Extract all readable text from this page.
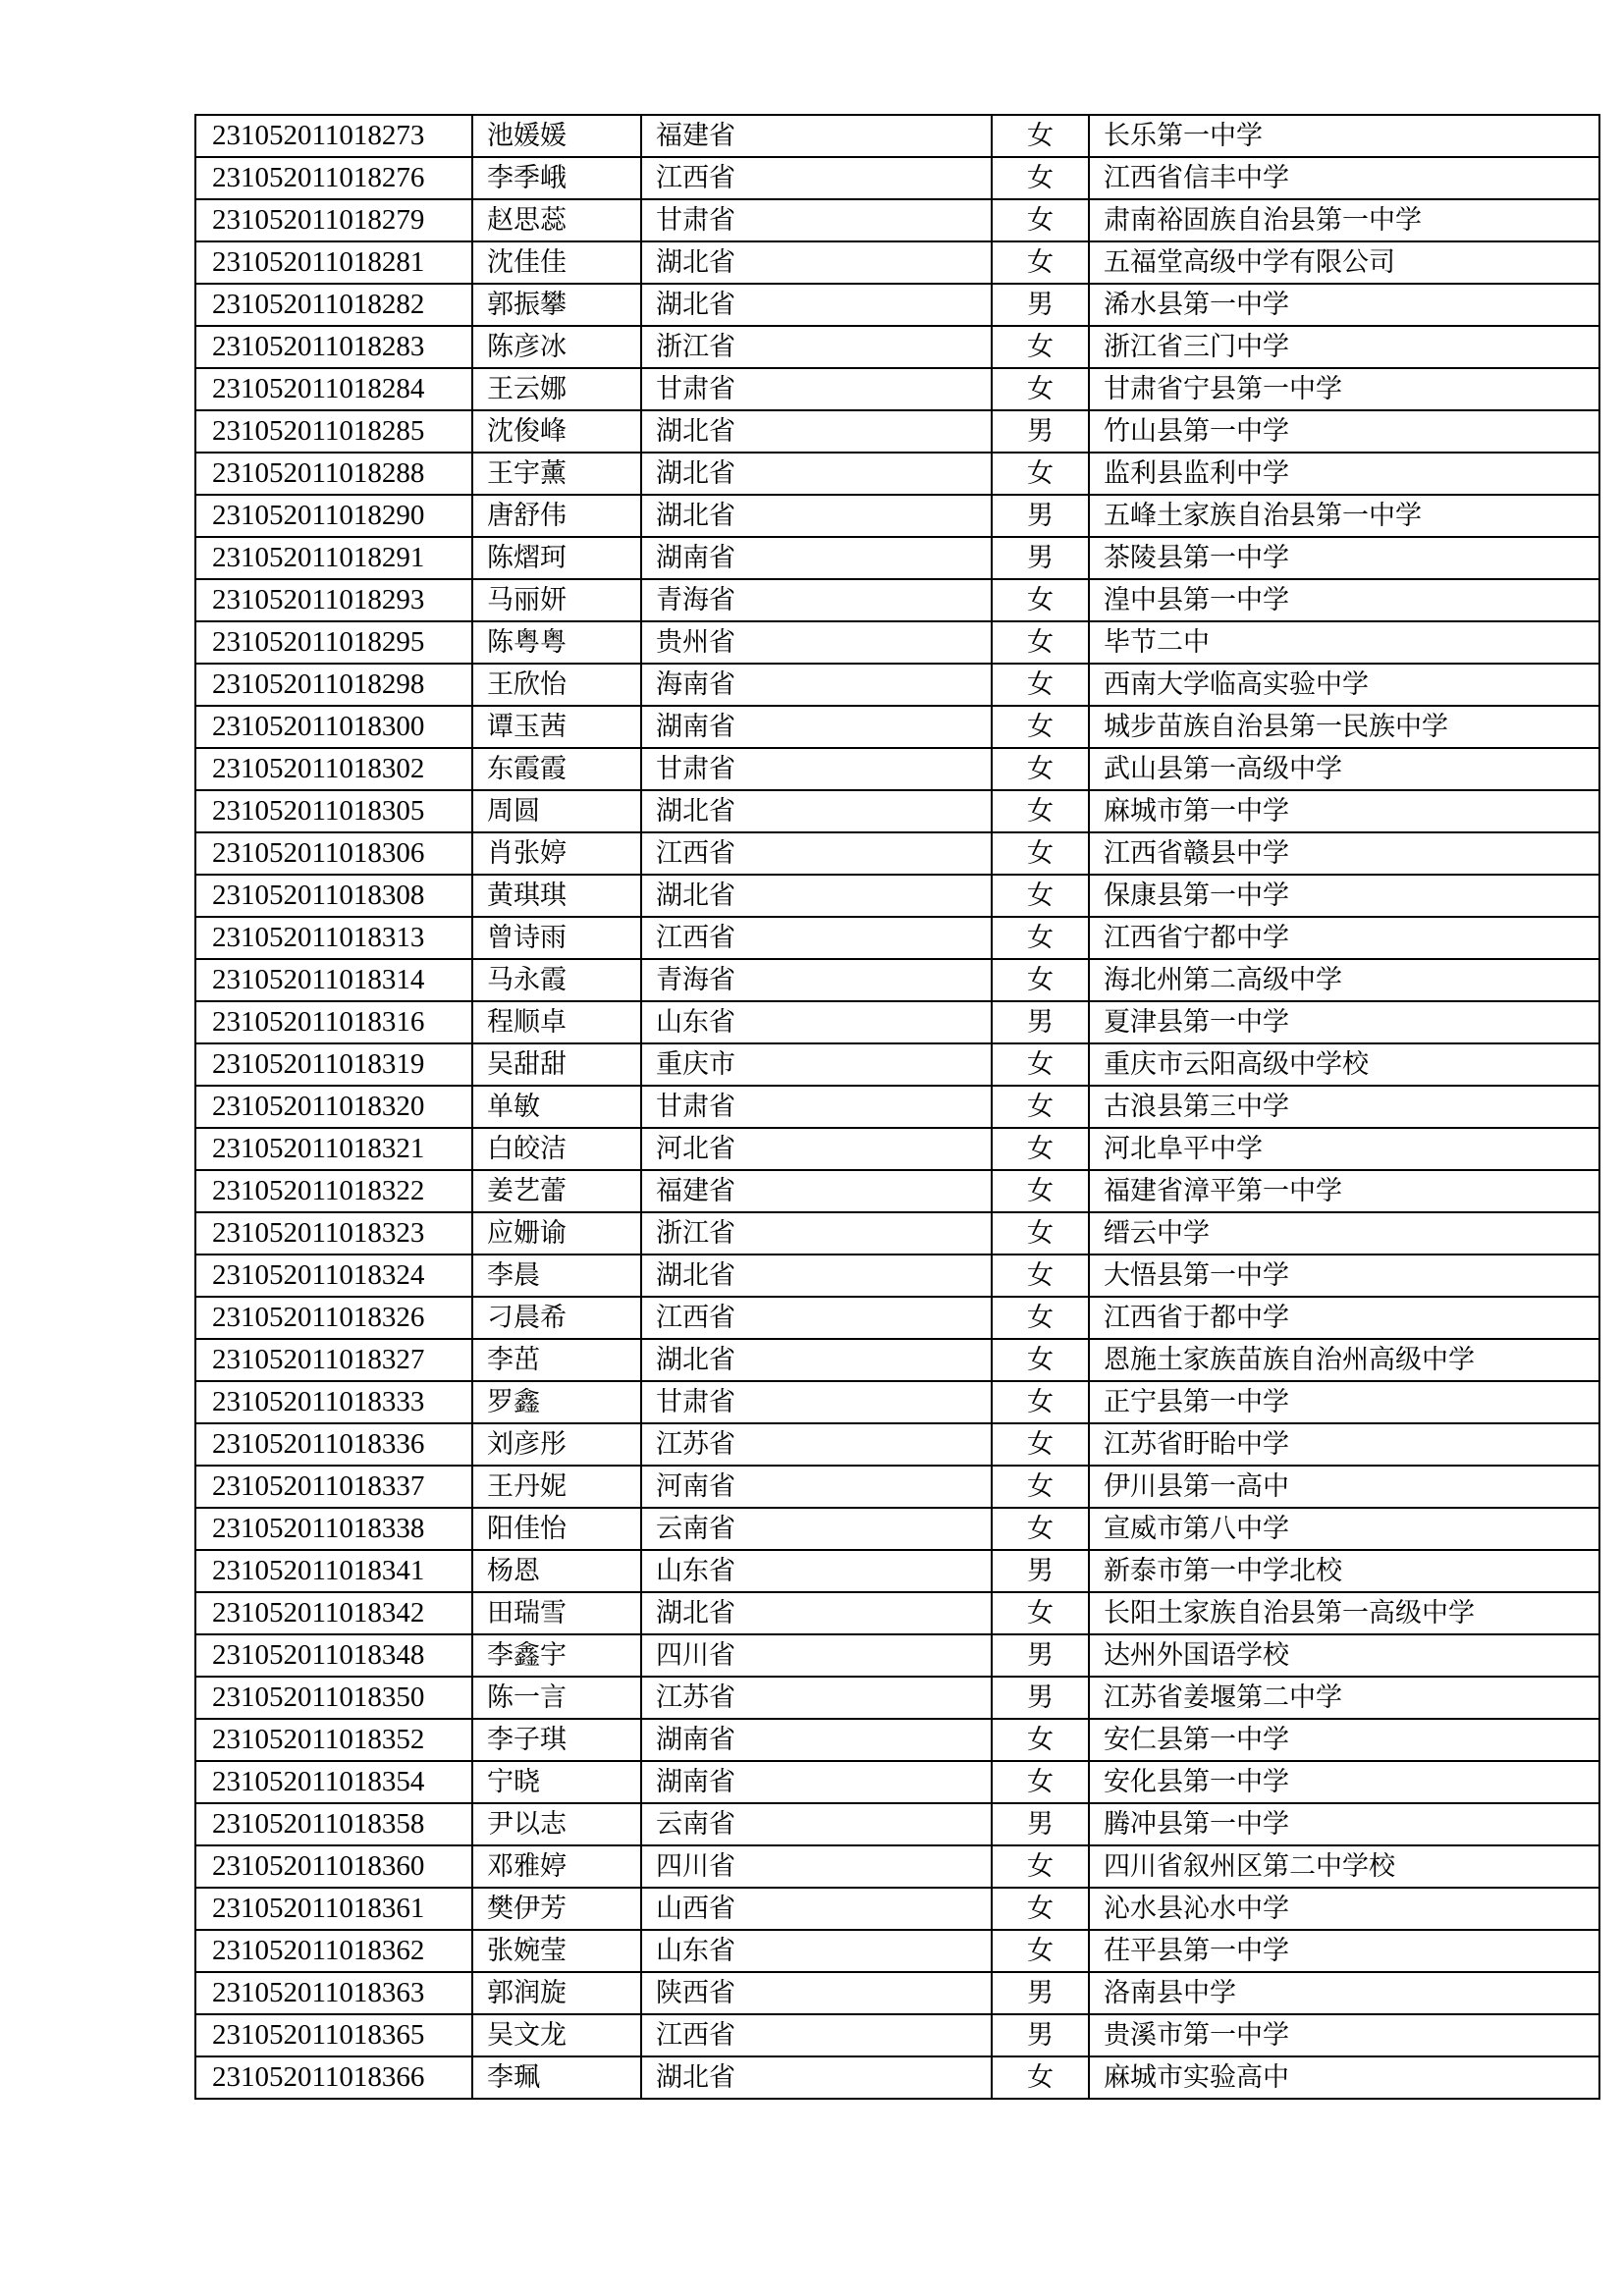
231052011018273	池媛媛	福建省	女	长乐第一中学
231052011018276	李季峨	江西省	女	江西省信丰中学
231052011018279	赵思蕊	甘肃省	女	肃南裕固族自治县第一中学
231052011018281	沈佳佳	湖北省	女	五福堂高级中学有限公司
231052011018282	郭振攀	湖北省	男	浠水县第一中学
231052011018283	陈彦冰	浙江省	女	浙江省三门中学
231052011018284	王云娜	甘肃省	女	甘肃省宁县第一中学
231052011018285	沈俊峰	湖北省	男	竹山县第一中学
231052011018288	王宇薰	湖北省	女	监利县监利中学
231052011018290	唐舒伟	湖北省	男	五峰土家族自治县第一中学
231052011018291	陈熠珂	湖南省	男	茶陵县第一中学
231052011018293	马丽妍	青海省	女	湟中县第一中学
231052011018295	陈粤粤	贵州省	女	毕节二中
231052011018298	王欣怡	海南省	女	西南大学临高实验中学
231052011018300	谭玉茜	湖南省	女	城步苗族自治县第一民族中学
231052011018302	东霞霞	甘肃省	女	武山县第一高级中学
231052011018305	周圆	湖北省	女	麻城市第一中学
231052011018306	肖张婷	江西省	女	江西省赣县中学
231052011018308	黄琪琪	湖北省	女	保康县第一中学
231052011018313	曾诗雨	江西省	女	江西省宁都中学
231052011018314	马永霞	青海省	女	海北州第二高级中学
231052011018316	程顺卓	山东省	男	夏津县第一中学
231052011018319	吴甜甜	重庆市	女	重庆市云阳高级中学校
231052011018320	单敏	甘肃省	女	古浪县第三中学
231052011018321	白皎洁	河北省	女	河北阜平中学
231052011018322	姜艺蕾	福建省	女	福建省漳平第一中学
231052011018323	应姗谕	浙江省	女	缙云中学
231052011018324	李晨	湖北省	女	大悟县第一中学
231052011018326	刁晨希	江西省	女	江西省于都中学
231052011018327	李茁	湖北省	女	恩施土家族苗族自治州高级中学
231052011018333	罗鑫	甘肃省	女	正宁县第一中学
231052011018336	刘彦彤	江苏省	女	江苏省盱眙中学
231052011018337	王丹妮	河南省	女	伊川县第一高中
231052011018338	阳佳怡	云南省	女	宣威市第八中学
231052011018341	杨恩	山东省	男	新泰市第一中学北校
231052011018342	田瑞雪	湖北省	女	长阳土家族自治县第一高级中学
231052011018348	李鑫宇	四川省	男	达州外国语学校
231052011018350	陈一言	江苏省	男	江苏省姜堰第二中学
231052011018352	李子琪	湖南省	女	安仁县第一中学
231052011018354	宁晓	湖南省	女	安化县第一中学
231052011018358	尹以志	云南省	男	腾冲县第一中学
231052011018360	邓雅婷	四川省	女	四川省叙州区第二中学校
231052011018361	樊伊芳	山西省	女	沁水县沁水中学
231052011018362	张婉莹	山东省	女	茌平县第一中学
231052011018363	郭润旋	陕西省	男	洛南县中学
231052011018365	吴文龙	江西省	男	贵溪市第一中学
231052011018366	李珮	湖北省	女	麻城市实验高中
